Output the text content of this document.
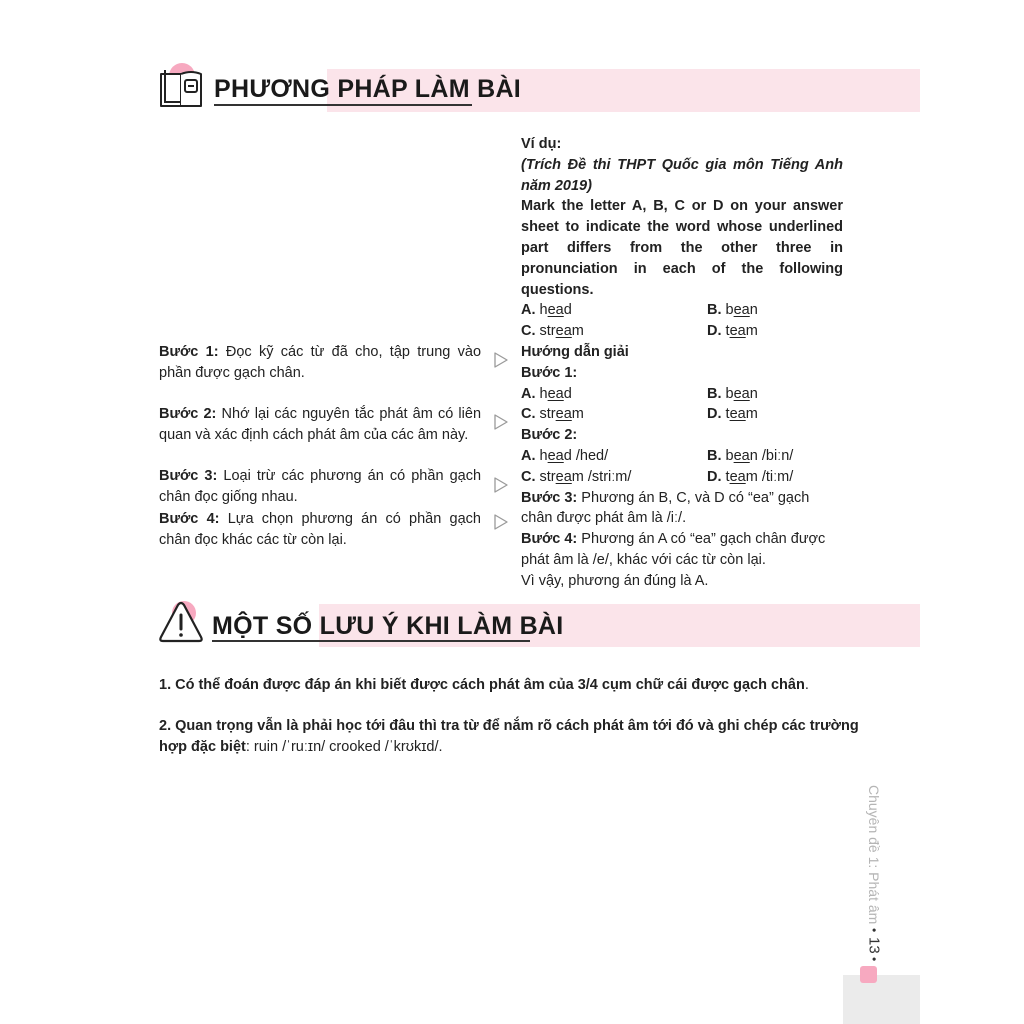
PHƯƠNG PHÁP LÀM BÀI
Bước 1: Đọc kỹ các từ đã cho, tập trung vào phần được gạch chân.
Bước 2: Nhớ lại các nguyên tắc phát âm có liên quan và xác định cách phát âm của các âm này.
Bước 3: Loại trừ các phương án có phần gạch chân đọc giống nhau.
Bước 4: Lựa chọn phương án có phần gạch chân đọc khác các từ còn lại.
Ví dụ:
(Trích Đề thi THPT Quốc gia môn Tiếng Anh năm 2019)
Mark the letter A, B, C or D on your answer sheet to indicate the word whose underlined part differs from the other three in pronunciation in each of the following questions.
A. head	B. bean
C. stream	D. team
Hướng dẫn giải
Bước 1:
A. head	B. bean
C. stream	D. team
Bước 2:
A. head /hed/	B. bean /biːn/
C. stream /striːm/	D. team /tiːm/
Bước 3: Phương án B, C, và D có “ea” gạch chân được phát âm là /iː/.
Bước 4: Phương án A có “ea” gạch chân được phát âm là /e/, khác với các từ còn lại.
Vì vậy, phương án đúng là A.
MỘT SỐ LƯU Ý KHI LÀM BÀI
1. Có thể đoán được đáp án khi biết được cách phát âm của 3/4 cụm chữ cái được gạch chân.
2. Quan trọng vẫn là phải học tới đâu thì tra từ để nắm rõ cách phát âm tới đó và ghi chép các trường hợp đặc biệt: ruin /ˈruːɪn/ crooked /ˈkrʊkɪd/.
Chuyên đề 1: Phát âm
•
13
•
